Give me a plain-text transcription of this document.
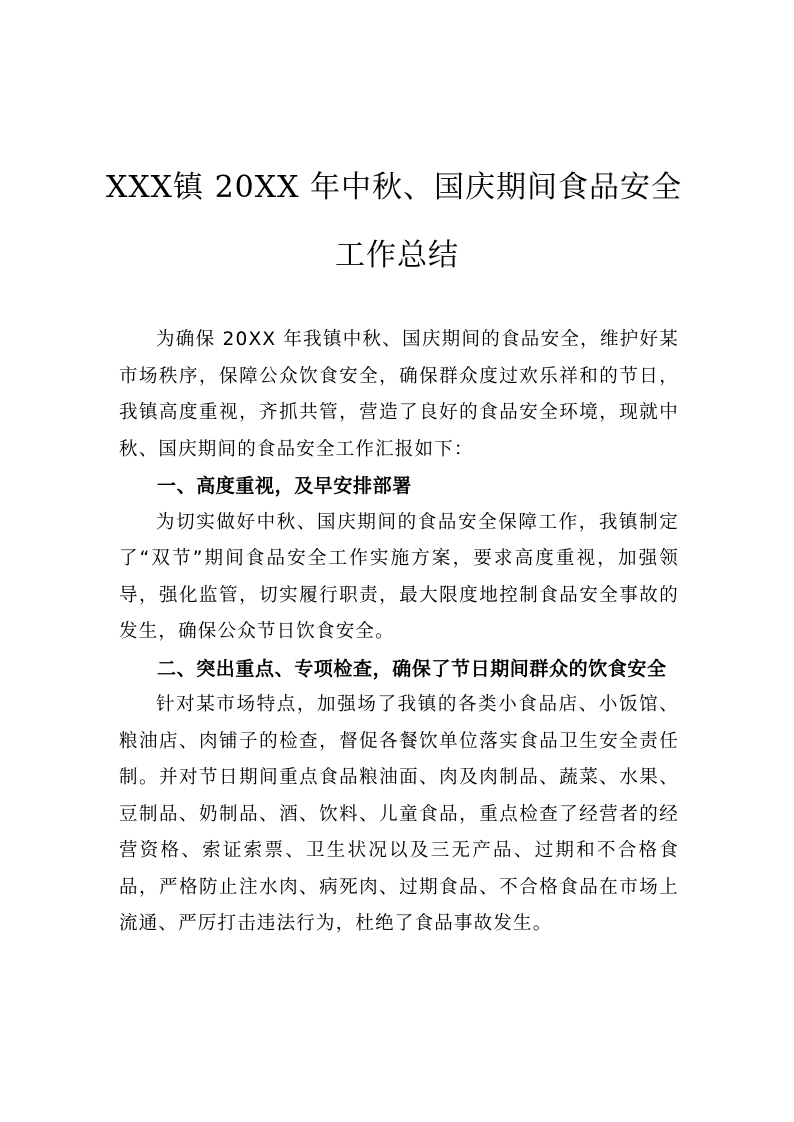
XXX镇 20XX 年中秋、国庆期间食品安全
工作总结

为确保 20XX 年我镇中秋、国庆期间的食品安全，维护好某市场秩序，保障公众饮食安全，确保群众度过欢乐祥和的节日，我镇高度重视，齐抓共管，营造了良好的食品安全环境，现就中秋、国庆期间的食品安全工作汇报如下：

一、高度重视，及早安排部署

为切实做好中秋、国庆期间的食品安全保障工作，我镇制定了“双节”期间食品安全工作实施方案，要求高度重视，加强领导，强化监管，切实履行职责，最大限度地控制食品安全事故的发生，确保公众节日饮食安全。

二、突出重点、专项检查，确保了节日期间群众的饮食安全

针对某市场特点，加强场了我镇的各类小食品店、小饭馆、粮油店、肉铺子的检查，督促各餐饮单位落实食品卫生安全责任制。并对节日期间重点食品粮油面、肉及肉制品、蔬菜、水果、豆制品、奶制品、酒、饮料、儿童食品，重点检查了经营者的经营资格、索证索票、卫生状况以及三无产品、过期和不合格食品，严格防止注水肉、病死肉、过期食品、不合格食品在市场上流通、严厉打击违法行为，杜绝了食品事故发生。
